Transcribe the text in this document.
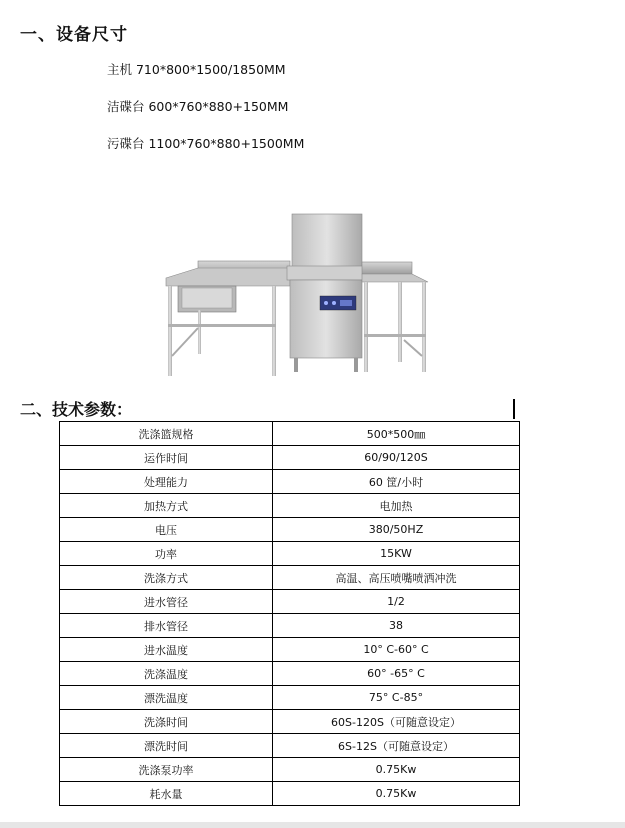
一、设备尺寸
主机 710*800*1500/1850MM
洁碟台 600*760*880+150MM
污碟台 1100*760*880+1500MM
二、技术参数：
洗涤篮规格	500*500㎜
运作时间	60/90/120S
处理能力	60 筐/小时
加热方式	电加热
电压	380/50HZ
功率	15KW
洗涤方式	高温、高压喷嘴喷洒冲洗
进水管径	1/2
排水管径	38
进水温度	10° C-60° C
洗涤温度	60° -65° C
漂洗温度	75° C-85°
洗涤时间	60S-120S（可随意设定）
漂洗时间	6S-12S（可随意设定）
洗涤泵功率	0.75Kw
耗水量	0.75Kw
